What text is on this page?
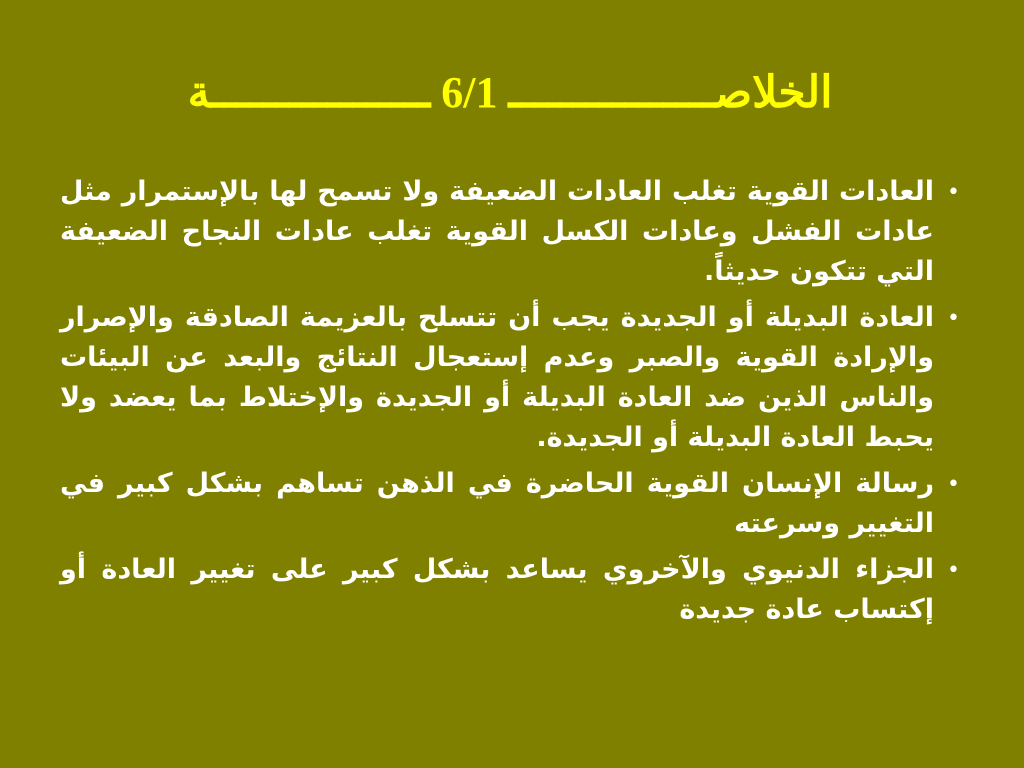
الخلاصــــــــــــــــ 6/1 ـــــــــــــــــة
•
العادات القوية تغلب العادات الضعيفة ولا تسمح لها بالإستمرار مثل عادات الفشل وعادات الكسل القوية تغلب عادات النجاح الضعيفة التي تتكون حديثاً.
•
العادة البديلة أو الجديدة يجب أن تتسلح بالعزيمة الصادقة والإصرار والإرادة القوية والصبر وعدم إستعجال النتائج والبعد عن البيئات والناس الذين ضد العادة البديلة أو الجديدة والإختلاط بما يعضد ولا يحبط العادة البديلة أو الجديدة.
•
رسالة الإنسان القوية الحاضرة في الذهن تساهم بشكل كبير في التغيير وسرعته
•
الجزاء الدنيوي والآخروي يساعد بشكل كبير على تغيير العادة أو إكتساب عادة جديدة
